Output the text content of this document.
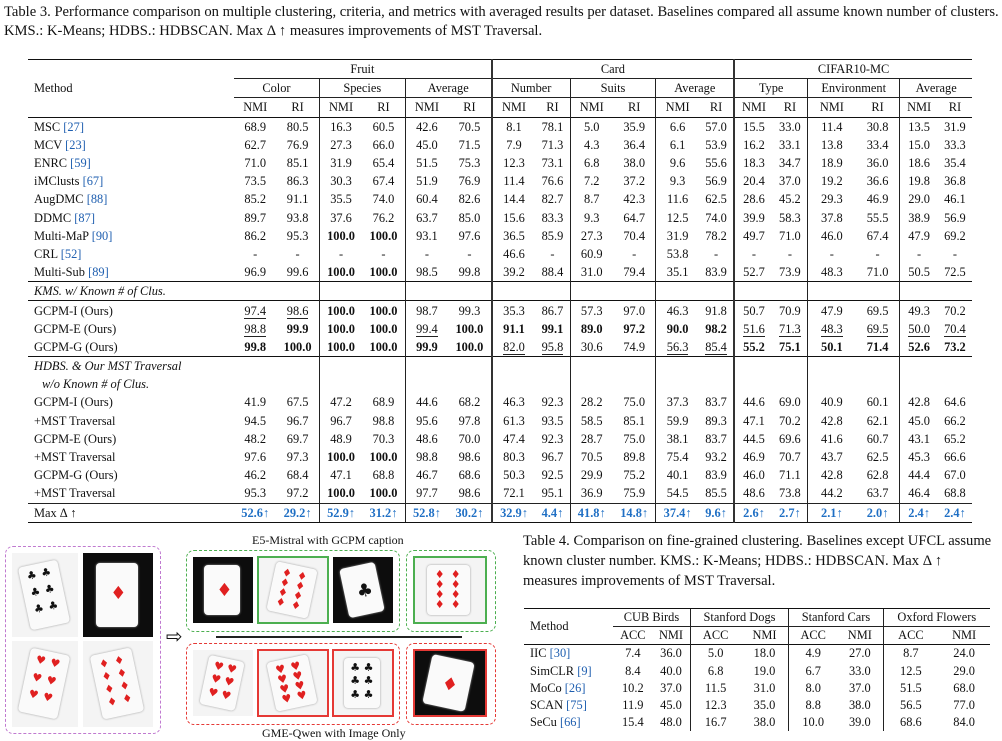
Table 3. Performance comparison on multiple clustering, criteria, and metrics with averaged results per dataset. Baselines compared all assume known number of clusters. KMS.: K-Means; HDBS.: HDBSCAN. Max Δ ↑ measures improvements of MST Traversal.
Method	Fruit						Card						CIFAR10-MC					
	Color		Species		Average		Number		Suits		Average		Type		Environment		Average	
	NMI	RI	NMI	RI	NMI	RI	NMI	RI	NMI	RI	NMI	RI	NMI	RI	NMI	RI	NMI	RI
MSC [27]	68.9	80.5	16.3	60.5	42.6	70.5	8.1	78.1	5.0	35.9	6.6	57.0	15.5	33.0	11.4	30.8	13.5	31.9
MCV [23]	62.7	76.9	27.3	66.0	45.0	71.5	7.9	71.3	4.3	36.4	6.1	53.9	16.2	33.1	13.8	33.4	15.0	33.3
ENRC [59]	71.0	85.1	31.9	65.4	51.5	75.3	12.3	73.1	6.8	38.0	9.6	55.6	18.3	34.7	18.9	36.0	18.6	35.4
iMClusts [67]	73.5	86.3	30.3	67.4	51.9	76.9	11.4	76.6	7.2	37.2	9.3	56.9	20.4	37.0	19.2	36.6	19.8	36.8
AugDMC [88]	85.2	91.1	35.5	74.0	60.4	82.6	14.4	82.7	8.7	42.3	11.6	62.5	28.6	45.2	29.3	46.9	29.0	46.1
DDMC [87]	89.7	93.8	37.6	76.2	63.7	85.0	15.6	83.3	9.3	64.7	12.5	74.0	39.9	58.3	37.8	55.5	38.9	56.9
Multi-MaP [90]	86.2	95.3	100.0	100.0	93.1	97.6	36.5	85.9	27.3	70.4	31.9	78.2	49.7	71.0	46.0	67.4	47.9	69.2
CRL [52]	-	-	-	-	-	-	46.6	-	60.9	-	53.8	-	-	-	-	-	-	-
Multi-Sub [89]	96.9	99.6	100.0	100.0	98.5	99.8	39.2	88.4	31.0	79.4	35.1	83.9	52.7	73.9	48.3	71.0	50.5	72.5
KMS. w/ Known # of Clus.																		
GCPM-I (Ours)	97.4	98.6	100.0	100.0	98.7	99.3	35.3	86.7	57.3	97.0	46.3	91.8	50.7	70.9	47.9	69.5	49.3	70.2
GCPM-E (Ours)	98.8	99.9	100.0	100.0	99.4	100.0	91.1	99.1	89.0	97.2	90.0	98.2	51.6	71.3	48.3	69.5	50.0	70.4
GCPM-G (Ours)	99.8	100.0	100.0	100.0	99.9	100.0	82.0	95.8	30.6	74.9	56.3	85.4	55.2	75.1	50.1	71.4	52.6	73.2
HDBS. & Our MST Traversal																		
w/o Known # of Clus.																		
GCPM-I (Ours)	41.9	67.5	47.2	68.9	44.6	68.2	46.3	92.3	28.2	75.0	37.3	83.7	44.6	69.0	40.9	60.1	42.8	64.6
+MST Traversal	94.5	96.7	96.7	98.8	95.6	97.8	61.3	93.5	58.5	85.1	59.9	89.3	47.1	70.2	42.8	62.1	45.0	66.2
GCPM-E (Ours)	48.2	69.7	48.9	70.3	48.6	70.0	47.4	92.3	28.7	75.0	38.1	83.7	44.5	69.6	41.6	60.7	43.1	65.2
+MST Traversal	97.6	97.3	100.0	100.0	98.8	98.6	80.3	96.7	70.5	89.8	75.4	93.2	46.9	70.7	43.7	62.5	45.3	66.6
GCPM-G (Ours)	46.2	68.4	47.1	68.8	46.7	68.6	50.3	92.5	29.9	75.2	40.1	83.9	46.0	71.1	42.8	62.8	44.4	67.0
+MST Traversal	95.3	97.2	100.0	100.0	97.7	98.6	72.1	95.1	36.9	75.9	54.5	85.5	48.6	73.8	44.2	63.7	46.4	68.8
Max Δ ↑	52.6↑	29.2↑	52.9↑	31.2↑	52.8↑	30.2↑	32.9↑	4.4↑	41.8↑	14.8↑	37.4↑	9.6↑	2.6↑	2.7↑	2.1↑	2.0↑	2.4↑	2.4↑
Table 4. Comparison on fine-grained clustering. Baselines except UFCL assume known cluster number. KMS.: K-Means; HDBS.: HDBSCAN. Max Δ ↑ measures improvements of MST Traversal.
Method	CUB Birds		Stanford Dogs		Stanford Cars		Oxford Flowers	
	ACC	NMI	ACC	NMI	ACC	NMI	ACC	NMI
IIC [30]	7.4	36.0	5.0	18.0	4.9	27.0	8.7	24.0
SimCLR [9]	8.4	40.0	6.8	19.0	6.7	33.0	12.5	29.0
MoCo [26]	10.2	37.0	11.5	31.0	8.0	37.0	51.5	68.0
SCAN [75]	11.9	45.0	12.3	35.0	8.8	38.0	56.5	77.0
SeCu [66]	15.4	48.0	16.7	38.0	10.0	39.0	68.6	84.0
♣ ♣
♣ ♣
♣ ♣
♦
♥ ♥
♥ ♥
♥ ♥
♦ ♦
♦ ♦
♦ ♦
♦ ♦
⇨
E5-Mistral with GCPM caption
♦
♦ ♦
♦ ♦
♦ ♦
♦ ♦
♣
♦ ♦
♦ ♦
♦ ♦
♦ ♦
♥ ♥
♥ ♥
♥ ♥
♥ ♥
♥ ♥
♥ ♥
♥ ♥
♣ ♣
♣ ♣
♣ ♣	♦
GME-Qwen with Image Only
